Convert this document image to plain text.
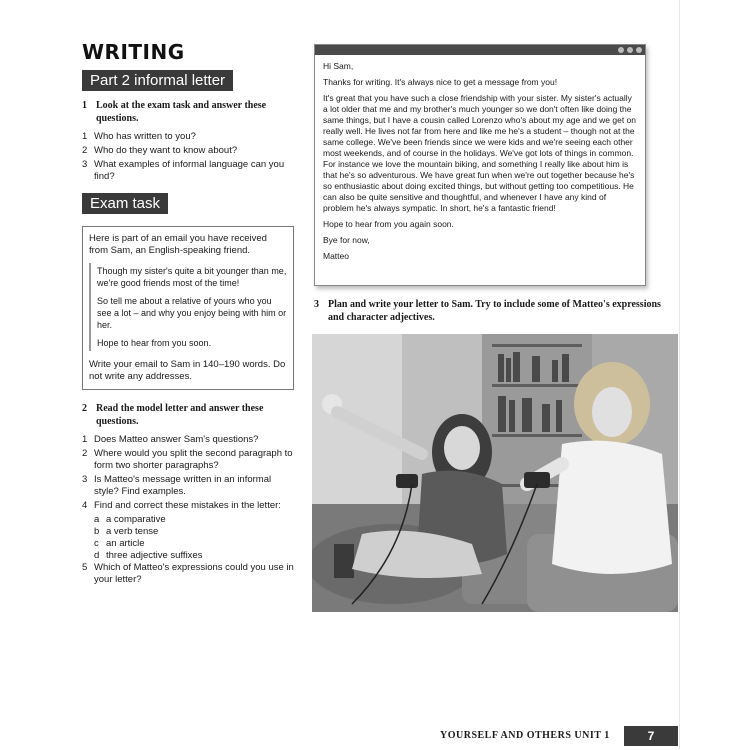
WRITING
Part 2 informal letter
1 Look at the exam task and answer these questions.
1 Who has written to you?
2 Who do they want to know about?
3 What examples of informal language can you find?
Exam task
Here is part of an email you have received from Sam, an English-speaking friend.

Though my sister's quite a bit younger than me, we're good friends most of the time!

So tell me about a relative of yours who you see a lot – and why you enjoy being with him or her.

Hope to hear from you soon.

Write your email to Sam in 140–190 words. Do not write any addresses.
2 Read the model letter and answer these questions.
1 Does Matteo answer Sam's questions?
2 Where would you split the second paragraph to form two shorter paragraphs?
3 Is Matteo's message written in an informal style? Find examples.
4 Find and correct these mistakes in the letter:
a a comparative
b a verb tense
c an article
d three adjective suffixes
5 Which of Matteo's expressions could you use in your letter?

Hi Sam,

Thanks for writing. It's always nice to get a message from you!

It's great that you have such a close friendship with your sister. My sister's actually a lot older that me and my brother's much younger so we don't often like doing the same things, but I have a cousin called Lorenzo who's about my age and we get on really well. He lives not far from here and like me he's a student – though not at the same college. We've been friends since we were kids and we're seeing each other most weekends, and of course in the holidays. We've got lots of things in common. For instance we love the mountain biking, and something I really like about him is that he's so adventurous. We have great fun when we're out together because he's so enthusiastic about doing excited things, but without getting too competitious. He can also be quite sensitive and thoughtful, and whenever I have any kind of problem he's always sympatic. In short, he's a fantastic friend!

Hope to hear from you again soon.

Bye for now,

Matteo

3 Plan and write your letter to Sam. Try to include some of Matteo's expressions and character adjectives.
YOURSELF AND OTHERS UNIT 1	7
